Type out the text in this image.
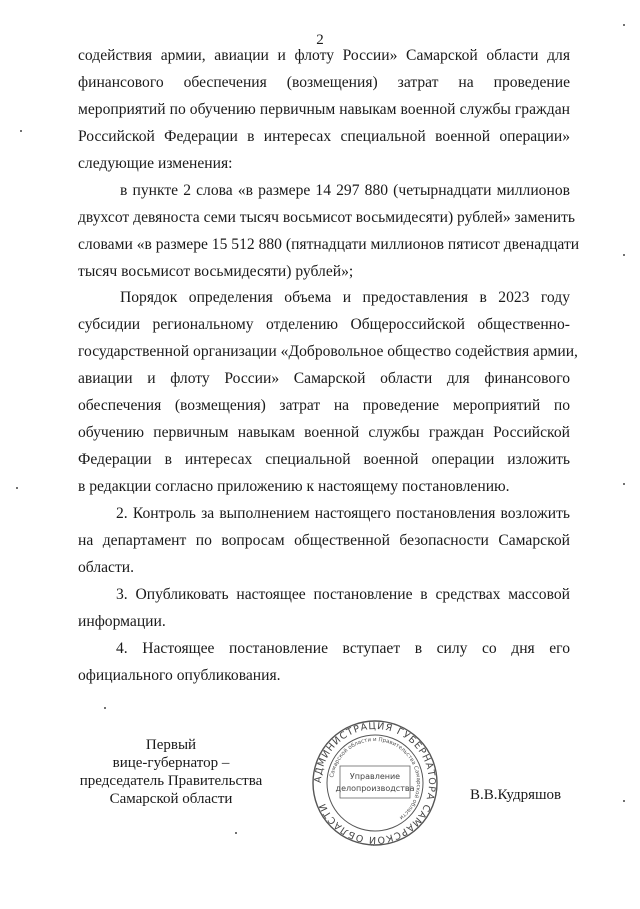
2
содействия армии, авиации и флоту России» Самарской области для
финансового обеспечения (возмещения) затрат на проведение
мероприятий по обучению первичным навыкам военной службы граждан
Российской Федерации в интересах специальной военной операции»
следующие изменения:
в пункте 2 слова «в размере 14 297 880 (четырнадцати миллионов
двухсот девяноста семи тысяч восьмисот восьмидесяти) рублей» заменить
словами «в размере 15 512 880 (пятнадцати миллионов пятисот двенадцати
тысяч восьмисот восьмидесяти) рублей»;
Порядок определения объема и предоставления в 2023 году
субсидии региональному отделению Общероссийской общественно-
государственной организации «Добровольное общество содействия армии,
авиации и флоту России» Самарской области для финансового
обеспечения (возмещения) затрат на проведение мероприятий по
обучению первичным навыкам военной службы граждан Российской
Федерации в интересах специальной военной операции изложить
в редакции согласно приложению к настоящему постановлению.
2. Контроль за выполнением настоящего постановления возложить
на департамент по вопросам общественной безопасности Самарской
области.
3. Опубликовать настоящее постановление в средствах массовой
информации.
4. Настоящее постановление вступает в силу со дня его
официального опубликования.
Первый
вице-губернатор –
председатель Правительства
Самарской области	В.В.Кудряшов
АДМИНИСТРАЦИЯ ГУБЕРНАТОРА САМАРСКОЙ ОБЛАСТИ
Самарской области и Правительства Самарской области
Управление
делопроизводства
